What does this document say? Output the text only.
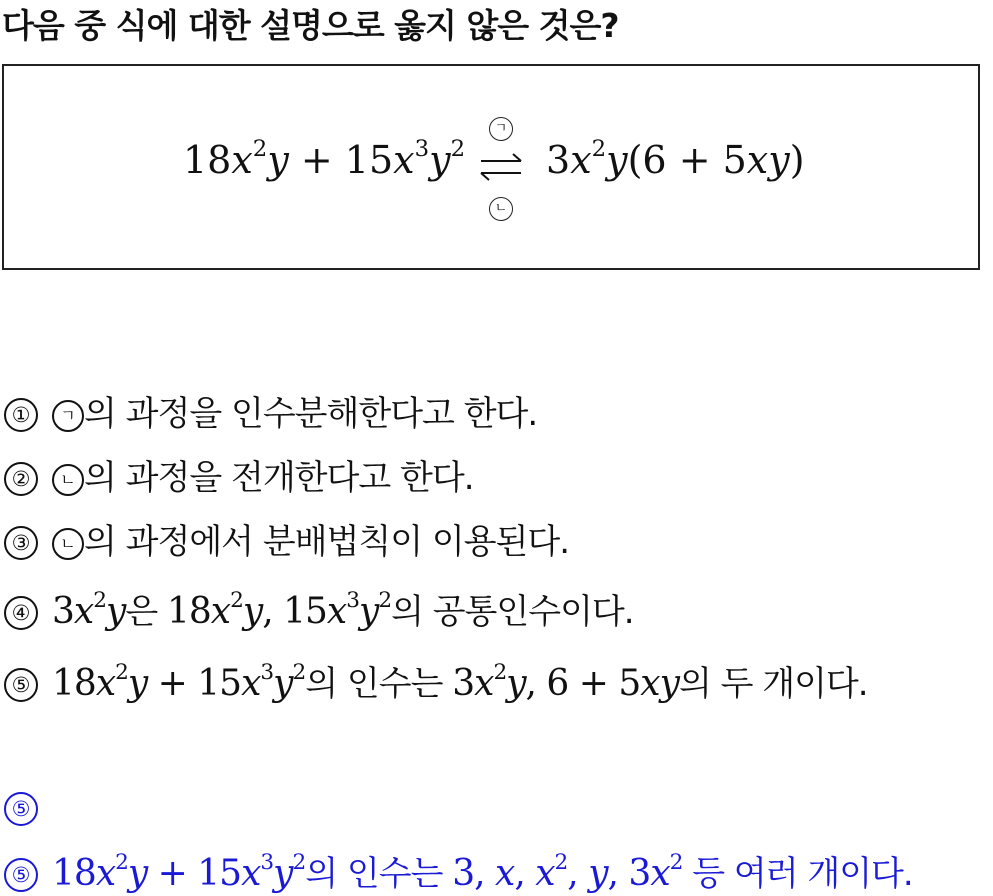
다음 중 식에 대한 설명으로 옳지 않은 것은?
$18x^2y + 15x^3y^2$
ㄱ
ㄴ
$3x^2y(6 + 5xy)$
① ㄱ 의 과정을 인수분해한다고 한다.
② ㄴ 의 과정을 전개한다고 한다.
③ ㄴ 의 과정에서 분배법칙이 이용된다.
④ $3x^2y$은 $18x^2y$, $15x^3y^2$의 공통인수이다.
⑤ $18x^2y + 15x^3y^2$의 인수는 $3x^2y$, 6 + 5xy의 두 개이다.
⑤
⑤ $18x^2y + 15x^3y^2$의 인수는 3, x, $x^2$, y, $3x^2$ 등 여러 개이다.
